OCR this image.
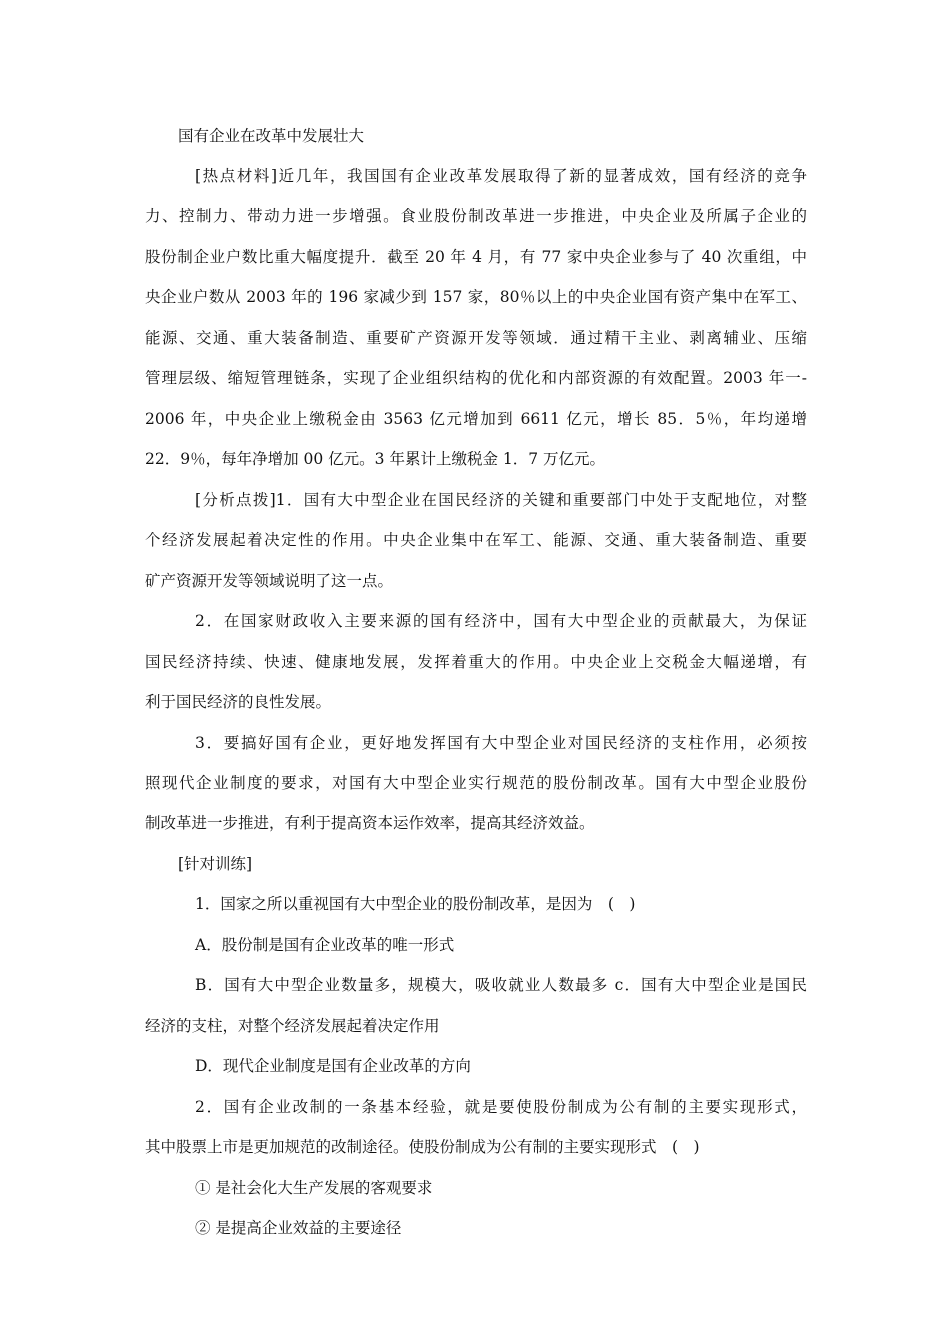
国有企业在改革中发展壮大
[热点材料]近几年，我国国有企业改革发展取得了新的显著成效，国有经济的竞争
力、控制力、带动力进一步增强。食业股份制改革进一步推进，中央企业及所属子企业的
股份制企业户数比重大幅度提升．截至 20 年 4 月，有 77 家中央企业参与了 40 次重组，中
央企业户数从 2003 年的 196 家减少到 157 家，80％以上的中央企业国有资产集中在军工、
能源、交通、重大装备制造、重要矿产资源开发等领域．通过精干主业、剥离辅业、压缩
管理层级、缩短管理链条，实现了企业组织结构的优化和内部资源的有效配置。2003 年一-
2006 年，中央企业上缴税金由 3563 亿元增加到 6611 亿元，增长 85．5％，年均递增
22．9％，每年净增加 00 亿元。3 年累计上缴税金 1．7 万亿元。
[分析点拨]1．国有大中型企业在国民经济的关键和重要部门中处于支配地位，对整
个经济发展起着决定性的作用。中央企业集中在军工、能源、交通、重大装备制造、重要
矿产资源开发等领域说明了这一点。
2．在国家财政收入主要来源的国有经济中，国有大中型企业的贡献最大，为保证
国民经济持续、快速、健康地发展，发挥着重大的作用。中央企业上交税金大幅递增，有
利于国民经济的良性发展。
3．要搞好国有企业，更好地发挥国有大中型企业对国民经济的支柱作用，必须按
照现代企业制度的要求，对国有大中型企业实行规范的股份制改革。国有大中型企业股份
制改革进一步推进，有利于提高资本运作效率，提高其经济效益。
[针对训练]
1．国家之所以重视国有大中型企业的股份制改革，是因为　(　)
A．股份制是国有企业改革的唯一形式
B．国有大中型企业数量多，规模大，吸收就业人数最多 c．国有大中型企业是国民
经济的支柱，对整个经济发展起着决定作用
D．现代企业制度是国有企业改革的方向
2．国有企业改制的一条基本经验，就是要使股份制成为公有制的主要实现形式，
其中股票上市是更加规范的改制途径。使股份制成为公有制的主要实现形式　(　)
① 是社会化大生产发展的客观要求
② 是提高企业效益的主要途径
